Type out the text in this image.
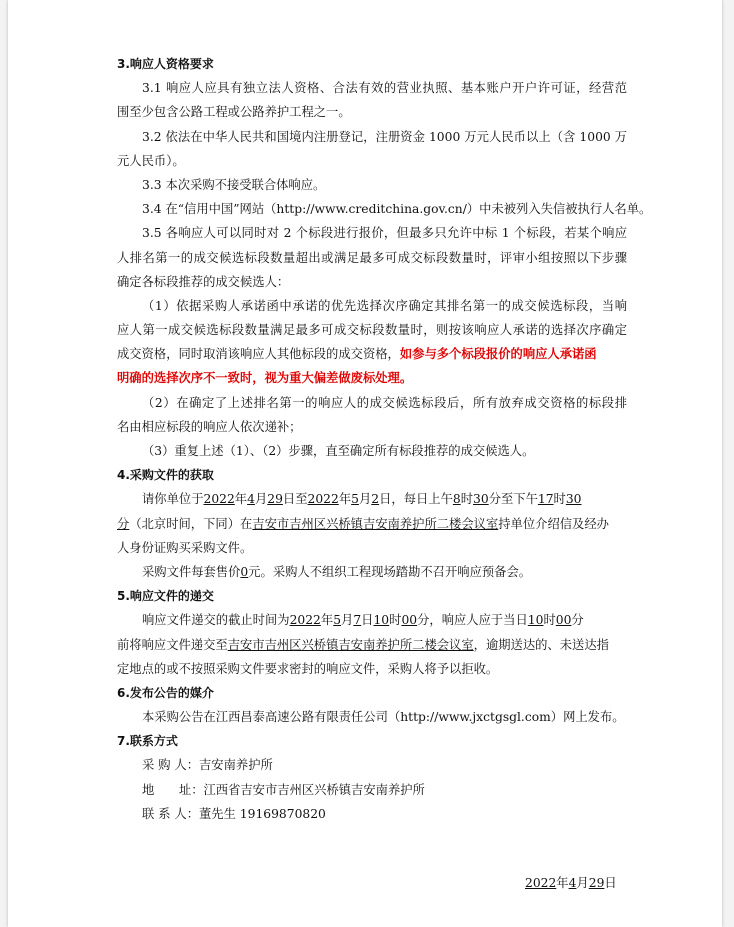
3.响应人资格要求
3.1 响应人应具有独立法人资格、合法有效的营业执照、基本账户开户许可证，经营范
围至少包含公路工程或公路养护工程之一。
3.2 依法在中华人民共和国境内注册登记，注册资金 1000 万元人民币以上（含 1000 万
元人民币）。
3.3 本次采购不接受联合体响应。
3.4 在“信用中国”网站（http://www.creditchina.gov.cn/）中未被列入失信被执行人名单。
3.5 各响应人可以同时对 2 个标段进行报价，但最多只允许中标 1 个标段，若某个响应
人排名第一的成交候选标段数量超出或满足最多可成交标段数量时，评审小组按照以下步骤
确定各标段推荐的成交候选人：
（1）依据采购人承诺函中承诺的优先选择次序确定其排名第一的成交候选标段，当响
应人第一成交候选标段数量满足最多可成交标段数量时，则按该响应人承诺的选择次序确定
成交资格，同时取消该响应人其他标段的成交资格，如参与多个标段报价的响应人承诺函
明确的选择次序不一致时，视为重大偏差做废标处理。
（2）在确定了上述排名第一的响应人的成交候选标段后，所有放弃成交资格的标段排
名由相应标段的响应人依次递补；
（3）重复上述（1）、（2）步骤，直至确定所有标段推荐的成交候选人。
4.采购文件的获取
请你单位于2022年4月29日至2022年5月2日，每日上午8时30分至下午17时30
分（北京时间，下同）在吉安市吉州区兴桥镇吉安南养护所二楼会议室持单位介绍信及经办
人身份证购买采购文件。
采购文件每套售价0元。采购人不组织工程现场踏勘不召开响应预备会。
5.响应文件的递交
响应文件递交的截止时间为2022年5月7日10时00分，响应人应于当日10时00分
前将响应文件递交至吉安市吉州区兴桥镇吉安南养护所二楼会议室，逾期送达的、未送达指
定地点的或不按照采购文件要求密封的响应文件，采购人将予以拒收。
6.发布公告的媒介
本采购公告在江西昌泰高速公路有限责任公司（http://www.jxctgsgl.com）网上发布。
7.联系方式
采 购 人：吉安南养护所
地　　址：江西省吉安市吉州区兴桥镇吉安南养护所
联 系 人：董先生 19169870820
2022年4月29日
